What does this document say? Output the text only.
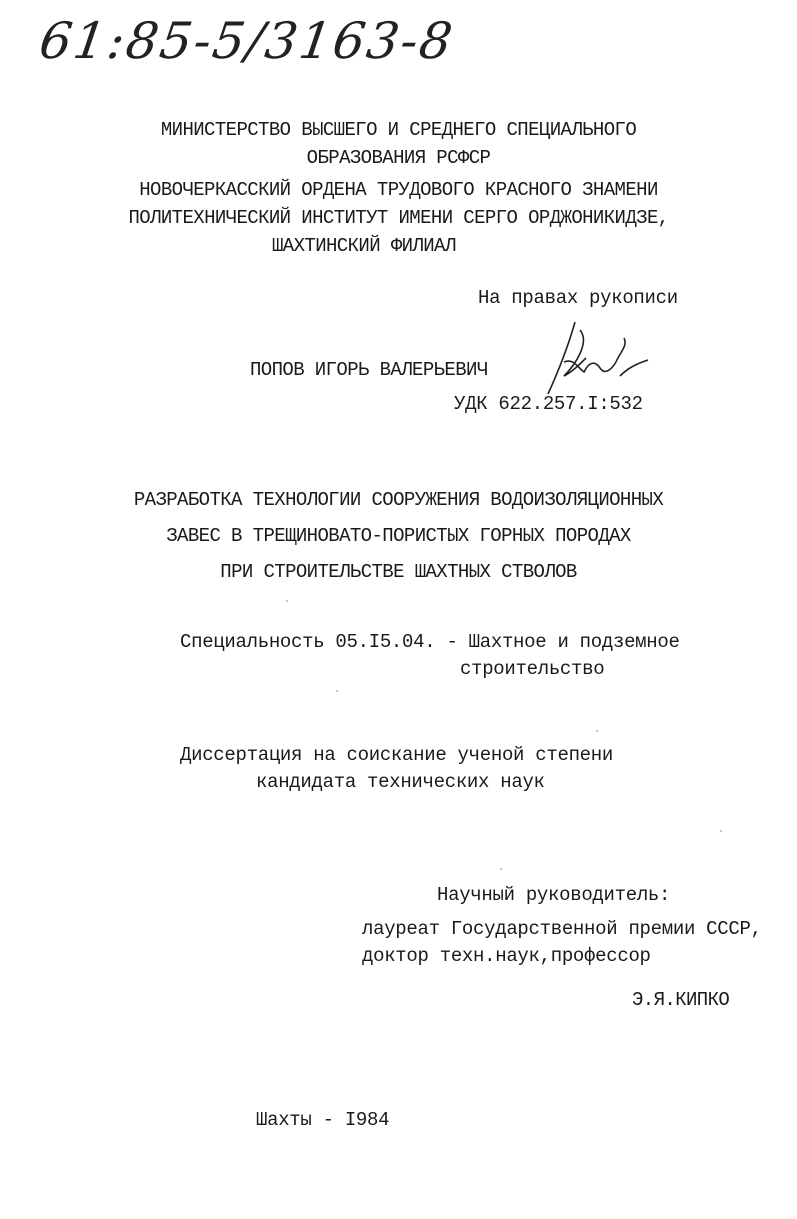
61:85-5/3163-8
МИНИСТЕРСТВО ВЫСШЕГО И СРЕДНЕГО СПЕЦИАЛЬНОГО
ОБРАЗОВАНИЯ РСФСР
НОВОЧЕРКАССКИЙ ОРДЕНА ТРУДОВОГО КРАСНОГО ЗНАМЕНИ
ПОЛИТЕХНИЧЕСКИЙ ИНСТИТУТ ИМЕНИ СЕРГО ОРДЖОНИКИДЗЕ,
ШАХТИНСКИЙ ФИЛИАЛ
На правах рукописи
ПОПОВ ИГОРЬ ВАЛЕРЬЕВИЧ
УДК 622.257.I:532
РАЗРАБОТКА ТЕХНОЛОГИИ СООРУЖЕНИЯ ВОДОИЗОЛЯЦИОННЫХ
ЗАВЕС В ТРЕЩИНОВАТО-ПОРИСТЫХ ГОРНЫХ ПОРОДАХ
ПРИ СТРОИТЕЛЬСТВЕ ШАХТНЫХ СТВОЛОВ
Специальность 05.I5.04. - Шахтное и подземное
строительство
Диссертация на соискание ученой степени
кандидата технических наук
Научный руководитель:
лауреат Государственной премии СССР,
доктор техн.наук,профессор
Э.Я.КИПКО
Шахты - I984
